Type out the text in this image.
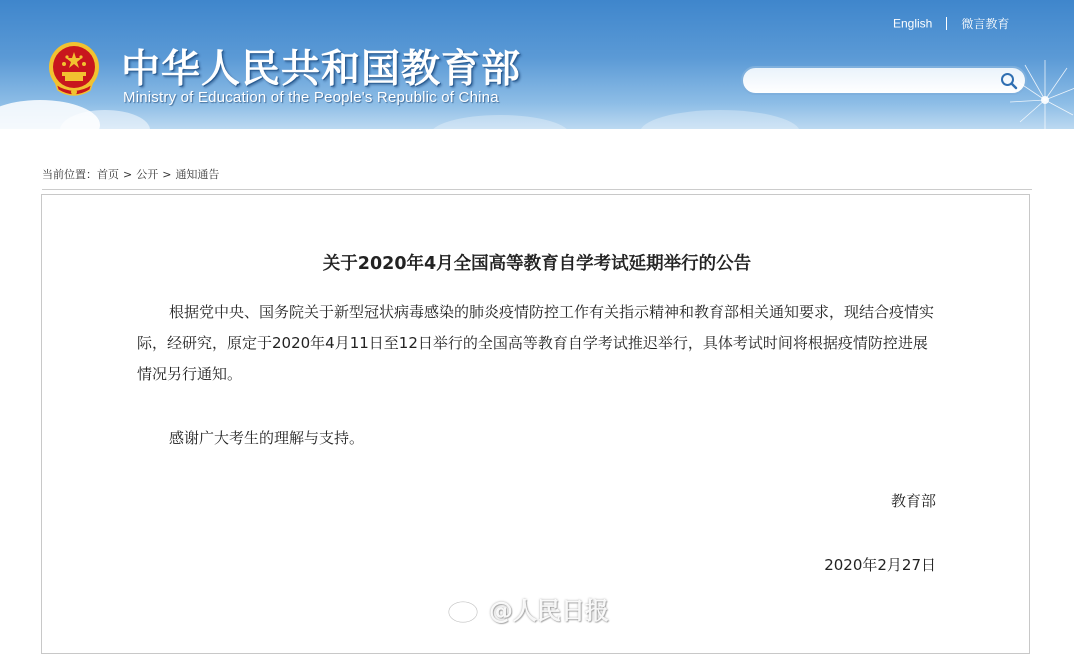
中华人民共和国教育部
Ministry of Education of the People's Republic of China
English 微言教育
当前位置：首页 > 公开 > 通知通告
关于2020年4月全国高等教育自学考试延期举行的公告

根据党中央、国务院关于新型冠状病毒感染的肺炎疫情防控工作有关指示精神和教育部相关通知要求，现结合疫情实际，经研究，原定于2020年4月11日至12日举行的全国高等教育自学考试推迟举行，具体考试时间将根据疫情防控进展情况另行通知。

感谢广大考生的理解与支持。

教育部
2020年2月27日
@人民日报
